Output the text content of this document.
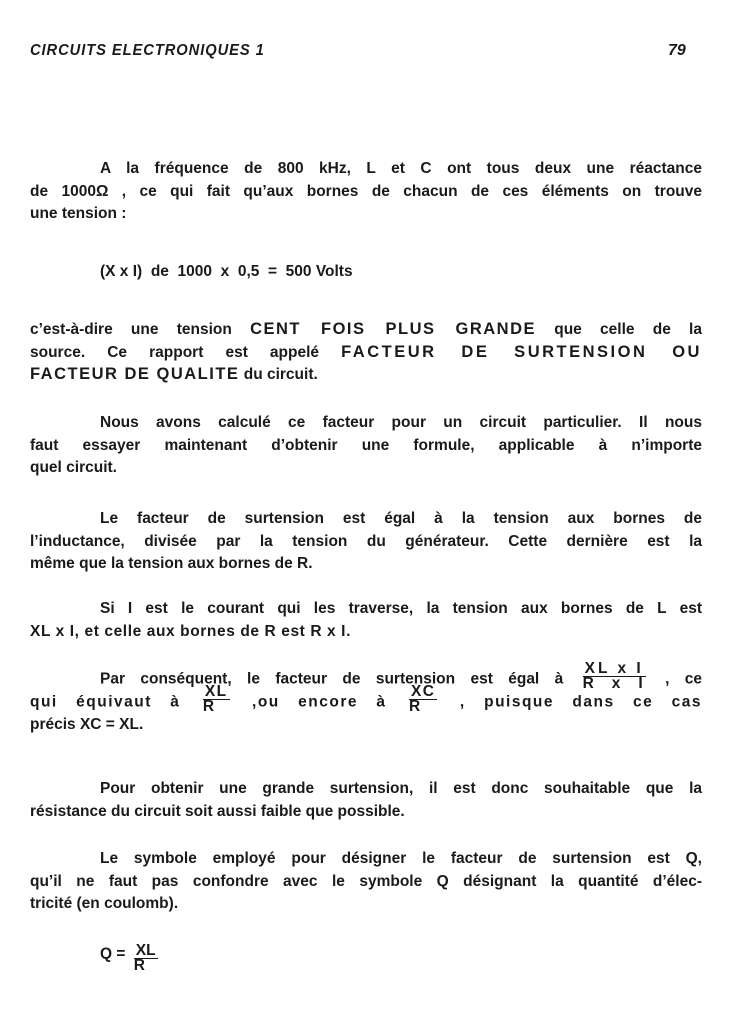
CIRCUITS ELECTRONIQUES 1	79
A la fréquence de 800 kHz, L et C ont tous deux une réactance
de 1000Ω , ce qui fait qu’aux bornes de chacun de ces éléments on trouve
une tension :
(X x I)  de  1000  x  0,5  =  500 Volts
c’est-à-dire une tension CENT FOIS PLUS GRANDE que celle de la
source. Ce rapport est appelé FACTEUR DE SURTENSION OU
FACTEUR DE QUALITE du circuit.
Nous avons calculé ce facteur pour un circuit particulier. Il nous
faut essayer maintenant d’obtenir une formule, applicable à n’importe
quel circuit.
Le facteur de surtension est égal à la tension aux bornes de
l’inductance, divisée par la tension du générateur. Cette dernière est la
même que la tension aux bornes de R.
Si I est le courant qui les traverse, la tension aux bornes de L est
XL x I, et celle aux bornes de R est R x I.
Par conséquent, le facteur de surtension est égal à $\frac{\text{XL x I}}{\text{R x I}}$ , ce
qui équivaut à $\frac{XL}{R} ,ou$ encore à $\frac{XC}{R}$ , puisque dans ce cas
précis XC = XL.
Pour obtenir une grande surtension, il est donc souhaitable que la
résistance du circuit soit aussi faible que possible.
Le symbole employé pour désigner le facteur de surtension est Q,
qu’il ne faut pas confondre avec le symbole Q désignant la quantité d’élec-
tricité (en coulomb).
$Q = \frac{XL}{R}$
